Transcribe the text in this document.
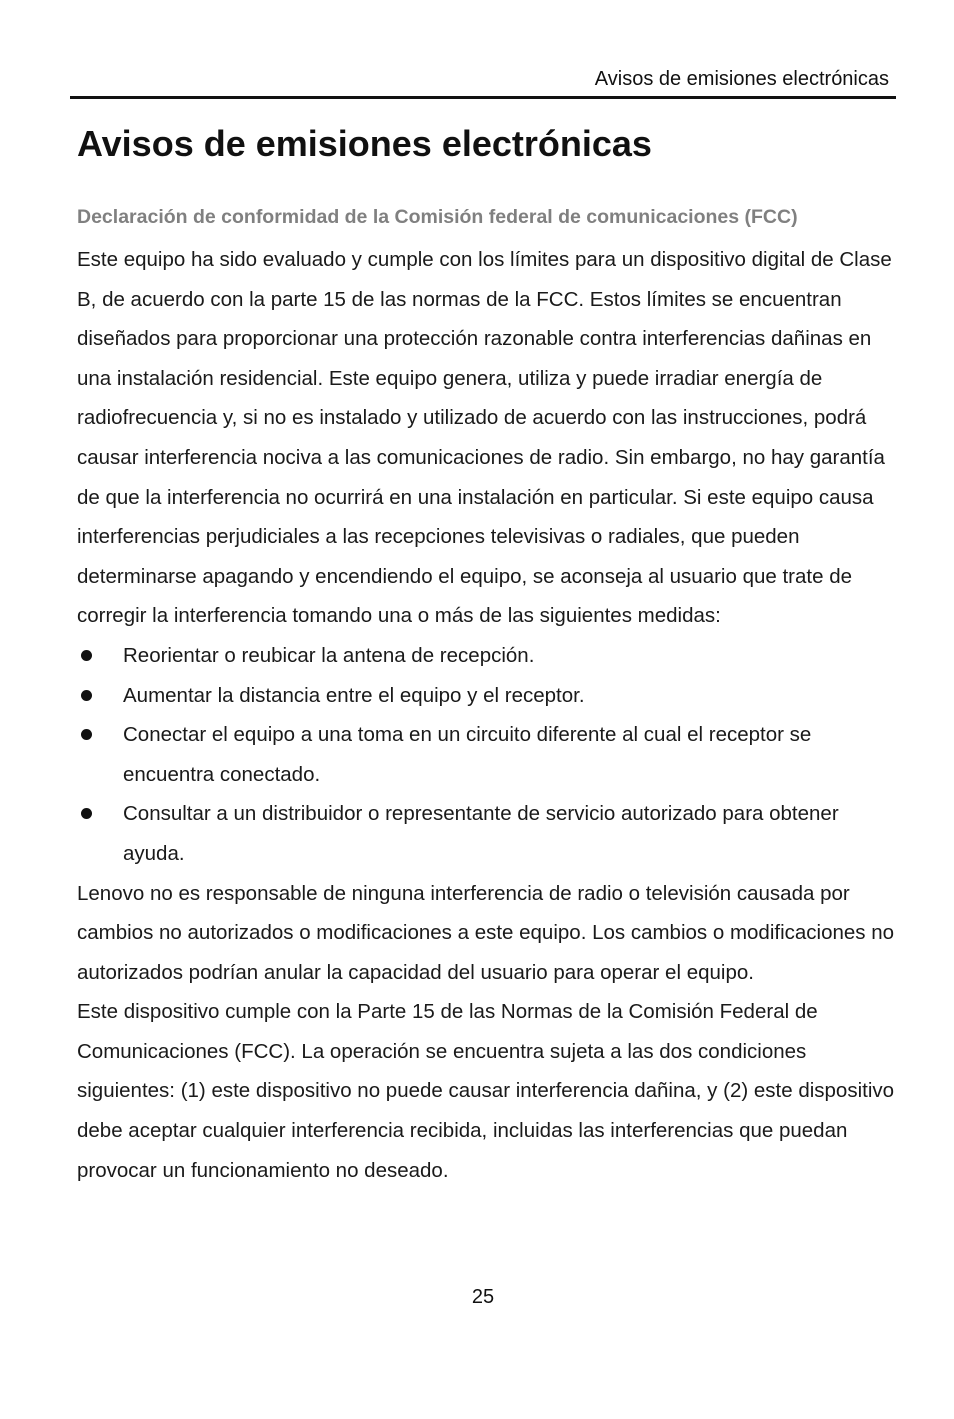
Avisos de emisiones electrónicas
Avisos de emisiones electrónicas
Declaración de conformidad de la Comisión federal de comunicaciones (FCC)

Este equipo ha sido evaluado y cumple con los límites para un dispositivo digital de Clase B, de acuerdo con la parte 15 de las normas de la FCC. Estos límites se encuentran diseñados para proporcionar una protección razonable contra interferencias dañinas en una instalación residencial. Este equipo genera, utiliza y puede irradiar energía de radiofrecuencia y, si no es instalado y utilizado de acuerdo con las instrucciones, podrá causar interferencia nociva a las comunicaciones de radio. Sin embargo, no hay garantía de que la interferencia no ocurrirá en una instalación en particular. Si este equipo causa interferencias perjudiciales a las recepciones televisivas o radiales, que pueden determinarse apagando y encendiendo el equipo, se aconseja al usuario que trate de corregir la interferencia tomando una o más de las siguientes medidas:

Reorientar o reubicar la antena de recepción.
Aumentar la distancia entre el equipo y el receptor.
Conectar el equipo a una toma en un circuito diferente al cual el receptor se encuentra conectado.
Consultar a un distribuidor o representante de servicio autorizado para obtener ayuda.

Lenovo no es responsable de ninguna interferencia de radio o televisión causada por cambios no autorizados o modificaciones a este equipo. Los cambios o modificaciones no autorizados podrían anular la capacidad del usuario para operar el equipo.

Este dispositivo cumple con la Parte 15 de las Normas de la Comisión Federal de Comunicaciones (FCC). La operación se encuentra sujeta a las dos condiciones siguientes: (1) este dispositivo no puede causar interferencia dañina, y (2) este dispositivo debe aceptar cualquier interferencia recibida, incluidas las interferencias que puedan provocar un funcionamiento no deseado.

25
